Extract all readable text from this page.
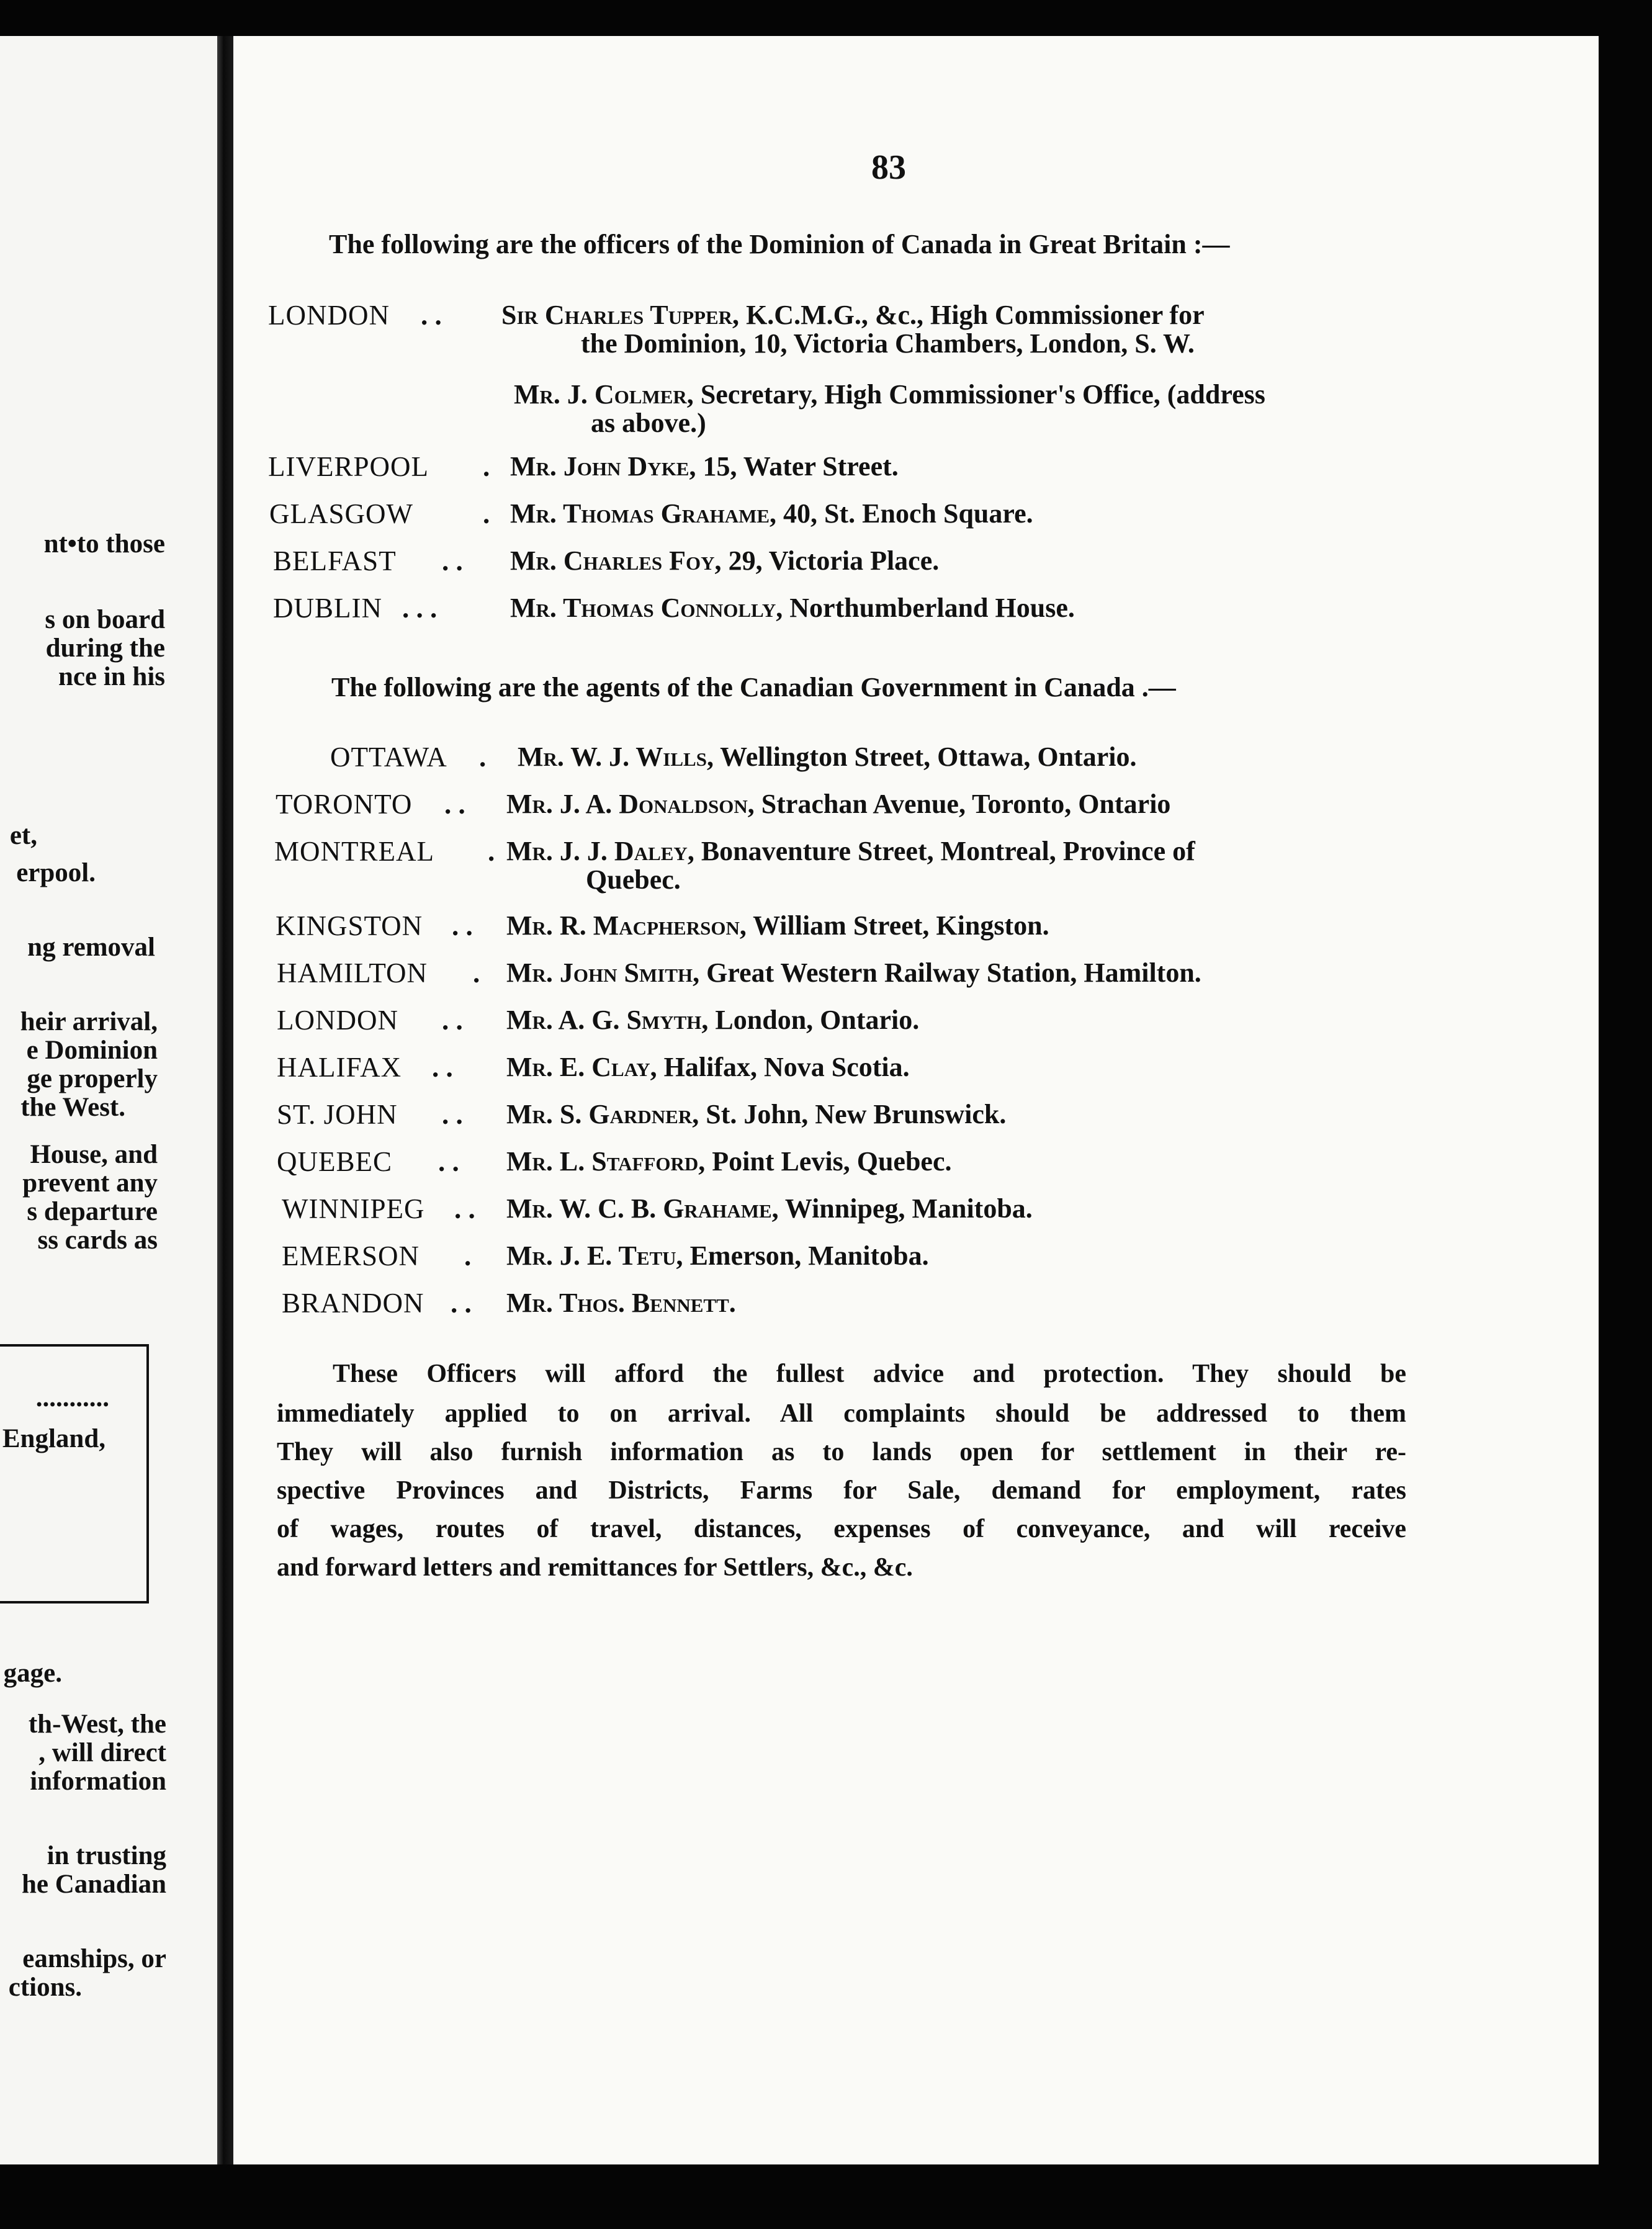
nt•to those

s on board

during the

nce in his

et,

erpool.

ng removal

heir arrival,

e Dominion

ge properly

the West.

House, and

prevent any

s departure

ss cards as

...........

England,

gage.

th-West, the

, will direct

information

in trusting

he Canadian

eamships, or

ctions.

83

The following are the officers of the Dominion of Canada in Great Britain :—

LONDON . . Sir Charles Tupper, K.C.M.G., &c., High Commissioner for
the Dominion, 10, Victoria Chambers, London, S. W.
Mr. J. Colmer, Secretary, High Commissioner's Office, (address
as above.)
LIVERPOOL . Mr. John Dyke, 15, Water Street.
GLASGOW . Mr. Thomas Grahame, 40, St. Enoch Square.
BELFAST . . Mr. Charles Foy, 29, Victoria Place.
DUBLIN . . .	Mr. Thomas Connolly, Northumberland House.

The following are the agents of the Canadian Government in Canada .—

OTTAWA . Mr. W. J. Wills, Wellington Street, Ottawa, Ontario.
TORONTO . . Mr. J. A. Donaldson, Strachan Avenue, Toronto, Ontario
MONTREAL . Mr. J. J. Daley, Bonaventure Street, Montreal, Province of
Quebec.
KINGSTON . . Mr. R. Macpherson, William Street, Kingston.
HAMILTON . Mr. John Smith, Great Western Railway Station, Hamilton.
LONDON . . Mr. A. G. Smyth, London, Ontario.
HALIFAX . . Mr. E. Clay, Halifax, Nova Scotia.
ST. JOHN . . Mr. S. Gardner, St. John, New Brunswick.
QUEBEC . . Mr. L. Stafford, Point Levis, Quebec.
WINNIPEG . . Mr. W. C. B. Grahame, Winnipeg, Manitoba.
EMERSON . Mr. J. E. Tetu, Emerson, Manitoba.
BRANDON . . Mr. Thos. Bennett.

These Officers will afford the fullest advice and protection. They should be

immediately applied to on arrival. All complaints should be addressed to them

They will also furnish information as to lands open for settlement in their re-

spective Provinces and Districts, Farms for Sale, demand for employment, rates

of wages, routes of travel, distances, expenses of conveyance, and will receive

and forward letters and remittances for Settlers, &c., &c.
